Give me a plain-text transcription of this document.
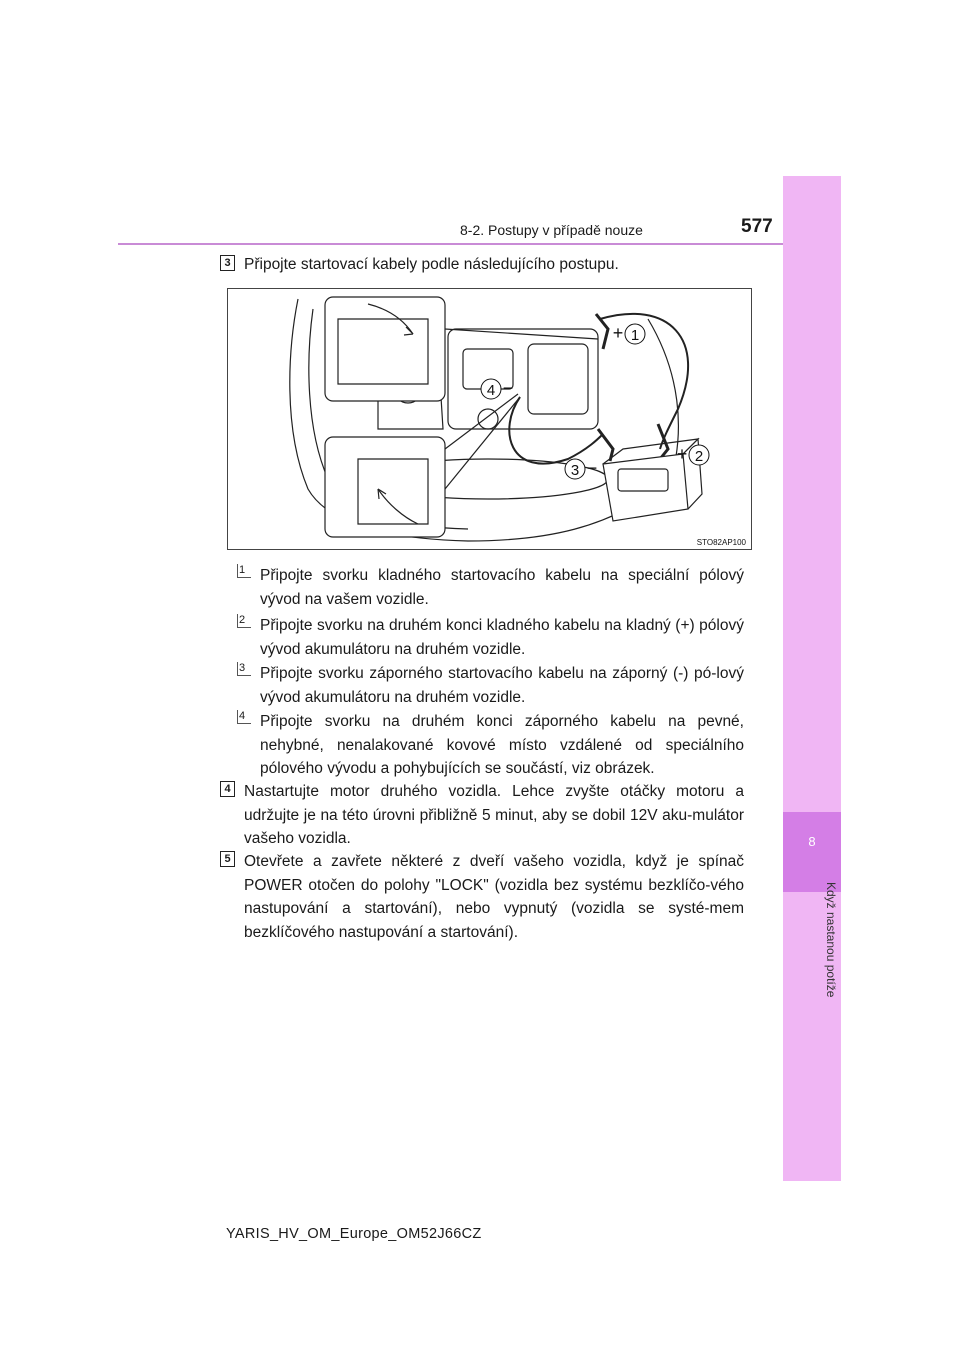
8-2. Postupy v případě nouze	577
8
Když nastanou potíže
3 Připojte startovací kabely podle následujícího postupu.
1
+
2
+
3 −
4 −
STO82AP100
1 Připojte svorku kladného startovacího kabelu na speciální pólový vývod na vašem vozidle.
2 Připojte svorku na druhém konci kladného kabelu na kladný (+) pólový vývod akumulátoru na druhém vozidle.
3 Připojte svorku záporného startovacího kabelu na záporný (-) pó-lový vývod akumulátoru na druhém vozidle.
4 Připojte svorku na druhém konci záporného kabelu na pevné, nehybné, nenalakované kovové místo vzdálené od speciálního pólového vývodu a pohybujících se součástí, viz obrázek.
4 Nastartujte motor druhého vozidla. Lehce zvyšte otáčky motoru a udržujte je na této úrovni přibližně 5 minut, aby se dobil 12V aku-mulátor vašeho vozidla.
5 Otevřete a zavřete některé z dveří vašeho vozidla, když je spínač POWER otočen do polohy "LOCK" (vozidla bez systému bezklíčo-vého nastupování a startování), nebo vypnutý (vozidla se systé-mem bezklíčového nastupování a startování).
YARIS_HV_OM_Europe_OM52J66CZ
